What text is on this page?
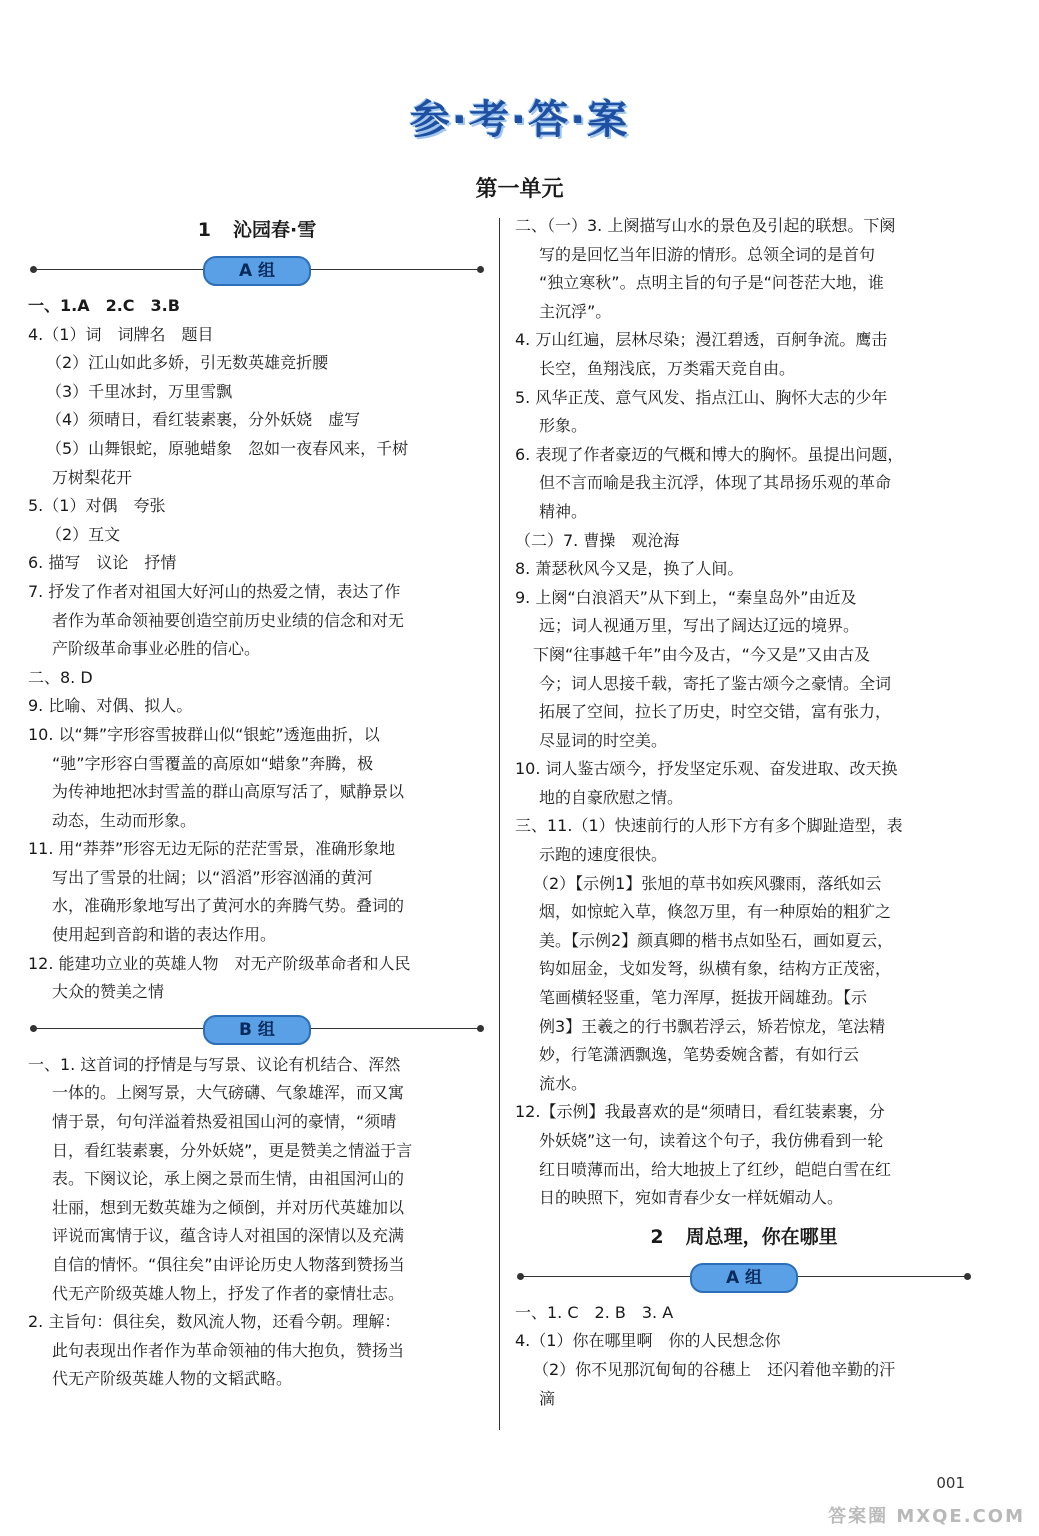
参·考·答·案
第一单元
1 沁园春·雪
A 组
一、1.A　2.C　3.B
4.（1）词　词牌名　题目
（2）江山如此多娇，引无数英雄竞折腰
（3）千里冰封，万里雪飘
（4）须晴日，看红装素裹，分外妖娆　虚写
（5）山舞银蛇，原驰蜡象　忽如一夜春风来，千树
万树梨花开
5.（1）对偶　夸张
（2）互文
6. 描写　议论　抒情
7. 抒发了作者对祖国大好河山的热爱之情，表达了作
者作为革命领袖要创造空前历史业绩的信念和对无
产阶级革命事业必胜的信心。
二、8. D
9. 比喻、对偶、拟人。
10. 以“舞”字形容雪披群山似“银蛇”透迤曲折，以
“驰”字形容白雪覆盖的高原如“蜡象”奔腾，极
为传神地把冰封雪盖的群山高原写活了，赋静景以
动态，生动而形象。
11. 用“莽莽”形容无边无际的茫茫雪景，准确形象地
写出了雪景的壮阔；以“滔滔”形容汹涌的黄河
水，准确形象地写出了黄河水的奔腾气势。叠词的
使用起到音韵和谐的表达作用。
12. 能建功立业的英雄人物　对无产阶级革命者和人民
大众的赞美之情
B 组
一、1. 这首词的抒情是与写景、议论有机结合、浑然
一体的。上阕写景，大气磅礴、气象雄浑，而又寓
情于景，句句洋溢着热爱祖国山河的豪情，“须晴
日，看红装素裹，分外妖娆”，更是赞美之情溢于言
表。下阕议论，承上阕之景而生情，由祖国河山的
壮丽，想到无数英雄为之倾倒，并对历代英雄加以
评说而寓情于议，蕴含诗人对祖国的深情以及充满
自信的情怀。“俱往矣”由评论历史人物落到赞扬当
代无产阶级英雄人物上，抒发了作者的豪情壮志。
2. 主旨句：俱往矣，数风流人物，还看今朝。理解：
此句表现出作者作为革命领袖的伟大抱负，赞扬当
代无产阶级英雄人物的文韬武略。
二、（一）3. 上阕描写山水的景色及引起的联想。下阕
写的是回忆当年旧游的情形。总领全词的是首句
“独立寒秋”。点明主旨的句子是“问苍茫大地，谁
主沉浮”。
4. 万山红遍，层林尽染；漫江碧透，百舸争流。鹰击
长空，鱼翔浅底，万类霜天竞自由。
5. 风华正茂、意气风发、指点江山、胸怀大志的少年
形象。
6. 表现了作者豪迈的气概和博大的胸怀。虽提出问题，
但不言而喻是我主沉浮，体现了其昂扬乐观的革命
精神。
（二）7. 曹操　观沧海
8. 萧瑟秋风今又是，换了人间。
9. 上阕“白浪滔天”从下到上，“秦皇岛外”由近及
远；词人视通万里，写出了阔达辽远的境界。
下阕“往事越千年”由今及古，“今又是”又由古及
今；词人思接千载，寄托了鉴古颂今之豪情。全词
拓展了空间，拉长了历史，时空交错，富有张力，
尽显词的时空美。
10. 词人鉴古颂今，抒发坚定乐观、奋发进取、改天换
地的自豪欣慰之情。
三、11.（1）快速前行的人形下方有多个脚趾造型，表
示跑的速度很快。
（2）【示例1】张旭的草书如疾风骤雨，落纸如云
烟，如惊蛇入草，倏忽万里，有一种原始的粗犷之
美。【示例2】颜真卿的楷书点如坠石，画如夏云，
钩如屈金，戈如发弩，纵横有象，结构方正茂密，
笔画横轻竖重，笔力浑厚，挺拔开阔雄劲。【示
例3】王羲之的行书飘若浮云，矫若惊龙，笔法精
妙，行笔潇洒飘逸，笔势委婉含蓄，有如行云
流水。
12.【示例】我最喜欢的是“须晴日，看红装素裹，分
外妖娆”这一句，读着这个句子，我仿佛看到一轮
红日喷薄而出，给大地披上了红纱，皑皑白雪在红
日的映照下，宛如青春少女一样妩媚动人。
2 周总理，你在哪里
A 组
一、1. C　2. B　3. A
4.（1）你在哪里啊　你的人民想念你
（2）你不见那沉甸甸的谷穗上　还闪着他辛勤的汗
滴
001
答案圈 MXQE.COM
